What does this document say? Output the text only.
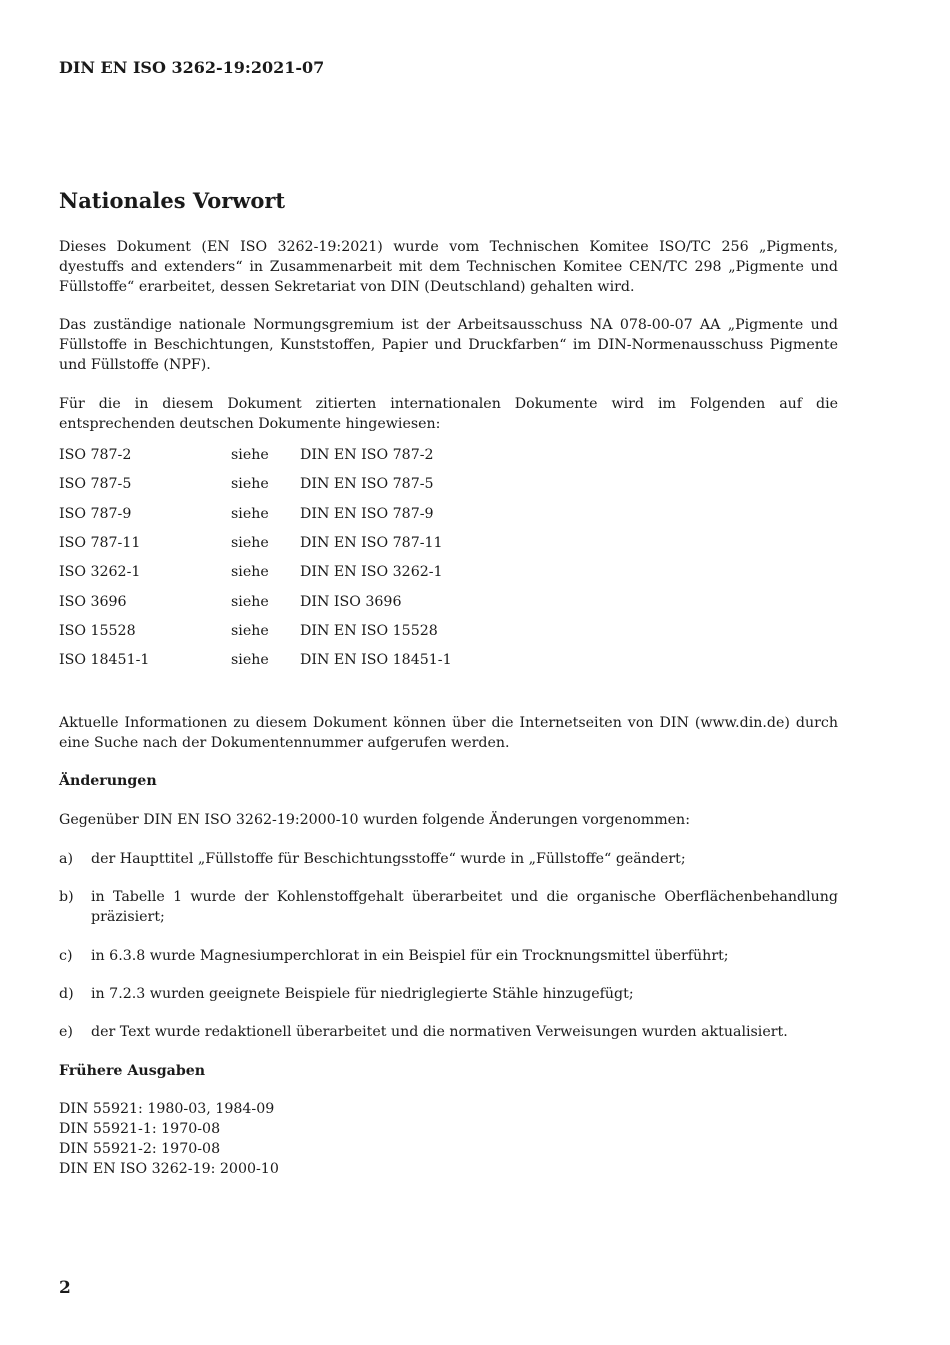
DIN EN ISO 3262-19:2021-07
Nationales Vorwort

Dieses Dokument (EN ISO 3262-19:2021) wurde vom Technischen Komitee ISO/TC 256 „Pigments, dyestuffs and extenders“ in Zusammenarbeit mit dem Technischen Komitee CEN/TC 298 „Pigmente und Füllstoffe“ erarbeitet, dessen Sekretariat von DIN (Deutschland) gehalten wird.

Das zuständige nationale Normungsgremium ist der Arbeitsausschuss NA 078-00-07 AA „Pigmente und Füllstoffe in Beschichtungen, Kunststoffen, Papier und Druckfarben“ im DIN-Normenausschuss Pigmente und Füllstoffe (NPF).

Für die in diesem Dokument zitierten internationalen Dokumente wird im Folgenden auf die entsprechenden deutschen Dokumente hingewiesen:

ISO 787-2	siehe DIN EN ISO 787-2
ISO 787-5	siehe DIN EN ISO 787-5
ISO 787-9	siehe DIN EN ISO 787-9
ISO 787-11	siehe DIN EN ISO 787-11
ISO 3262-1	siehe DIN EN ISO 3262-1
ISO 3696	siehe DIN ISO 3696
ISO 15528	siehe DIN EN ISO 15528
ISO 18451-1	siehe DIN EN ISO 18451-1

Aktuelle Informationen zu diesem Dokument können über die Internetseiten von DIN (www.din.de) durch eine Suche nach der Dokumentennummer aufgerufen werden.

Änderungen

Gegenüber DIN EN ISO 3262-19:2000-10 wurden folgende Änderungen vorgenommen:

a)	der Haupttitel „Füllstoffe für Beschichtungsstoffe“ wurde in „Füllstoffe“ geändert;
b)	in Tabelle 1 wurde der Kohlenstoffgehalt überarbeitet und die organische Oberflächenbehandlung präzisiert;
c)	in 6.3.8 wurde Magnesiumperchlorat in ein Beispiel für ein Trocknungsmittel überführt;
d)	in 7.2.3 wurden geeignete Beispiele für niedriglegierte Stähle hinzugefügt;
e)	der Text wurde redaktionell überarbeitet und die normativen Verweisungen wurden aktualisiert.

Frühere Ausgaben

DIN 55921: 1980-03, 1984-09
DIN 55921-1: 1970-08
DIN 55921-2: 1970-08
DIN EN ISO 3262-19: 2000-10
2
